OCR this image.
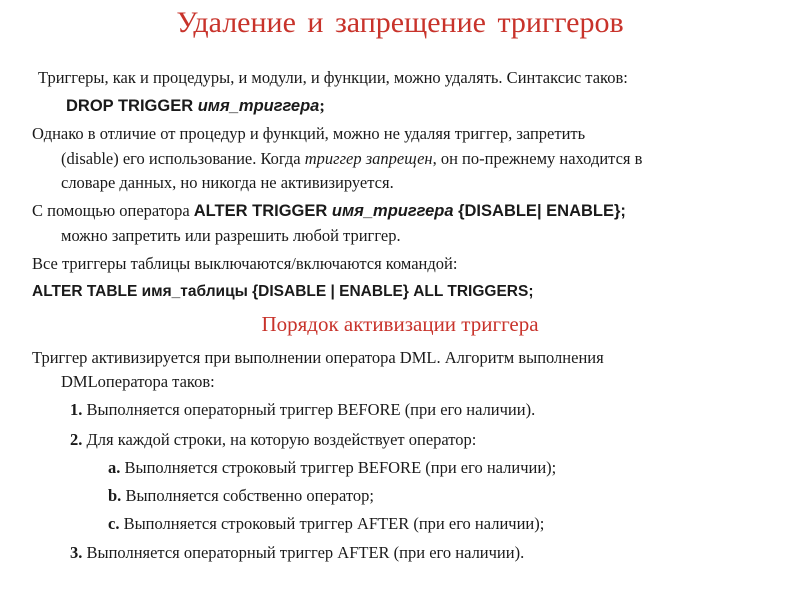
Удаление и запрещение триггеров
Триггеры, как и процедуры, и модули, и функции, можно удалять. Синтаксис таков:
DROP TRIGGER имя_триггера;
Однако в отличие от процедур и функций, можно не удаляя триггер, запретить
(disable) его использование. Когда триггер запрещен, он по-прежнему находится в
словаре данных, но никогда не активизируется.
С помощью оператора ALTER TRIGGER имя_триггера {DISABLE| ENABLE};
можно запретить или разрешить любой триггер.
Все триггеры таблицы выключаются/включаются командой:
ALTER TABLE имя_таблицы {DISABLE | ENABLE} ALL TRIGGERS;
Порядок активизации триггера
Триггер активизируется при выполнении оператора DML. Алгоритм выполнения
DMLоператора таков:
1. Выполняется операторный триггер BEFORE (при его наличии).
2. Для каждой строки, на которую воздействует оператор:
a. Выполняется строковый триггер BEFORE (при его наличии);
b. Выполняется собственно оператор;
c. Выполняется строковый триггер AFTER (при его наличии);
3. Выполняется операторный триггер AFTER (при его наличии).
